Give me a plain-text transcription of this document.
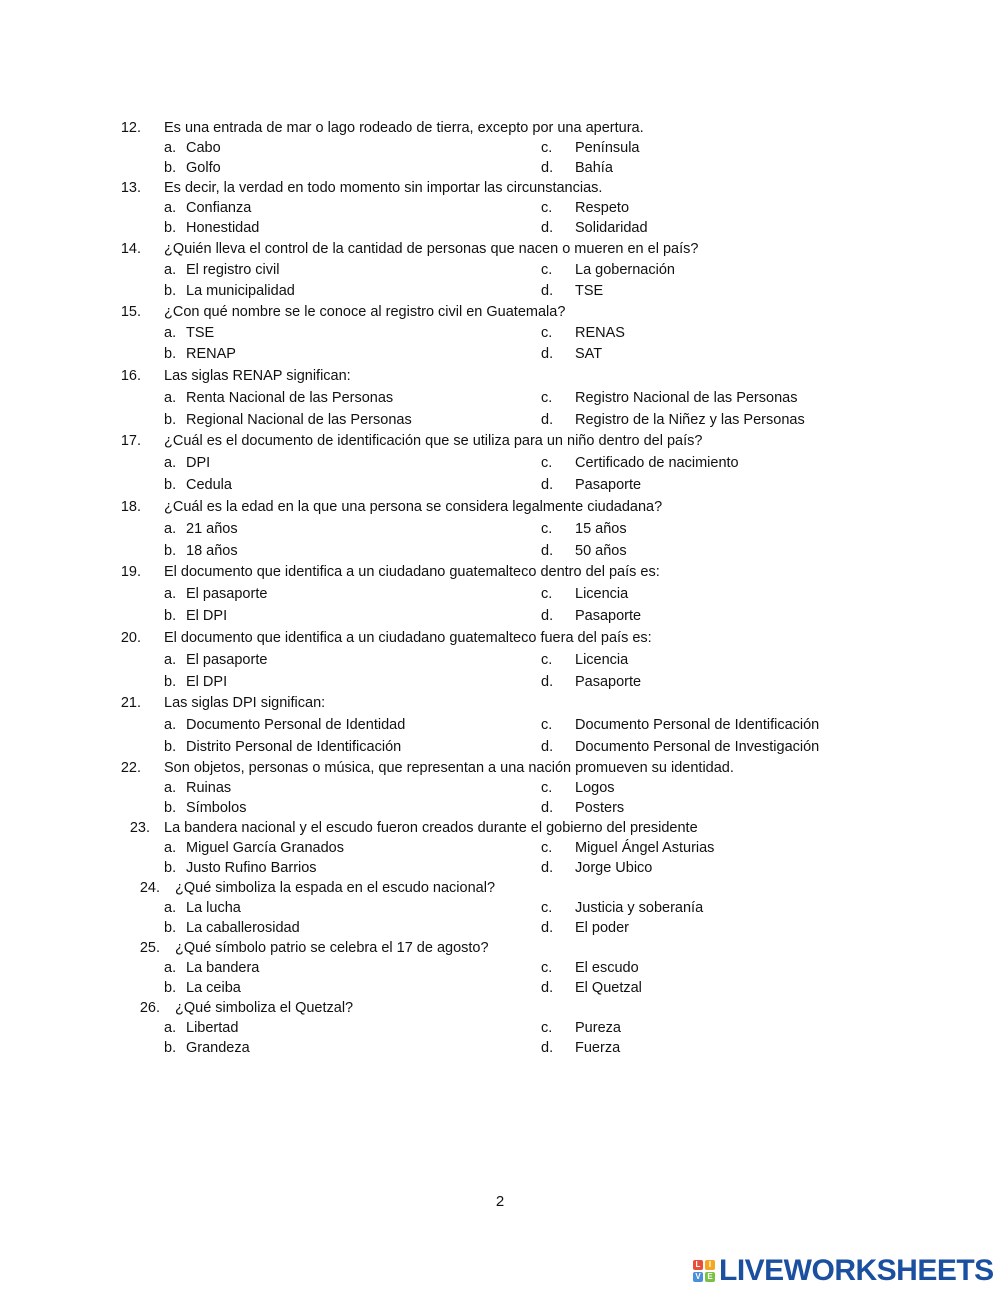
12. Es una entrada de mar o lago rodeado de tierra, excepto por una apertura.
a. Cabo	c. Península
b. Golfo	d. Bahía
13. Es decir, la verdad en todo momento sin importar las circunstancias.
a. Confianza	c. Respeto
b. Honestidad	d. Solidaridad
14. ¿Quién lleva el control de la cantidad de personas que nacen o mueren en el país?
a. El registro civil	c. La gobernación
b. La municipalidad	d. TSE
15. ¿Con qué nombre se le conoce al registro civil en Guatemala?
a. TSE	c. RENAS
b. RENAP	d. SAT
16. Las siglas RENAP significan:
a. Renta Nacional de las Personas	c. Registro Nacional de las Personas
b. Regional Nacional de las Personas	d. Registro de la Niñez y las Personas
17. ¿Cuál es el documento de identificación que se utiliza para un niño dentro del país?
a. DPI	c. Certificado de nacimiento
b. Cedula	d. Pasaporte
18. ¿Cuál es la edad en la que una persona se considera legalmente ciudadana?
a. 21 años	c. 15 años
b. 18 años	d. 50 años
19. El documento que identifica a un ciudadano guatemalteco dentro del país es:
a. El pasaporte	c. Licencia
b. El DPI	d. Pasaporte
20. El documento que identifica a un ciudadano guatemalteco fuera del país es:
a. El pasaporte	c. Licencia
b. El DPI	d. Pasaporte
21. Las siglas DPI significan:
a. Documento Personal de Identidad	c. Documento Personal de Identificación
b. Distrito Personal de Identificación	d. Documento Personal de Investigación
22. Son objetos, personas o música, que representan a una nación promueven su identidad.
a. Ruinas	c. Logos
b. Símbolos	d. Posters
23. La bandera nacional y el escudo fueron creados durante el gobierno del presidente
a. Miguel García Granados	c. Miguel Ángel Asturias
b. Justo Rufino Barrios	d. Jorge Ubico
24. ¿Qué simboliza la espada en el escudo nacional?
a. La lucha	c. Justicia y soberanía
b. La caballerosidad	d. El poder
25. ¿Qué símbolo patrio se celebra el 17 de agosto?
a. La bandera	c. El escudo
b. La ceiba	d. El Quetzal
26. ¿Qué simboliza el Quetzal?
a. Libertad	c. Pureza
b. Grandeza	d. Fuerza
2
L	I
V E LIVEWORKSHEETS
